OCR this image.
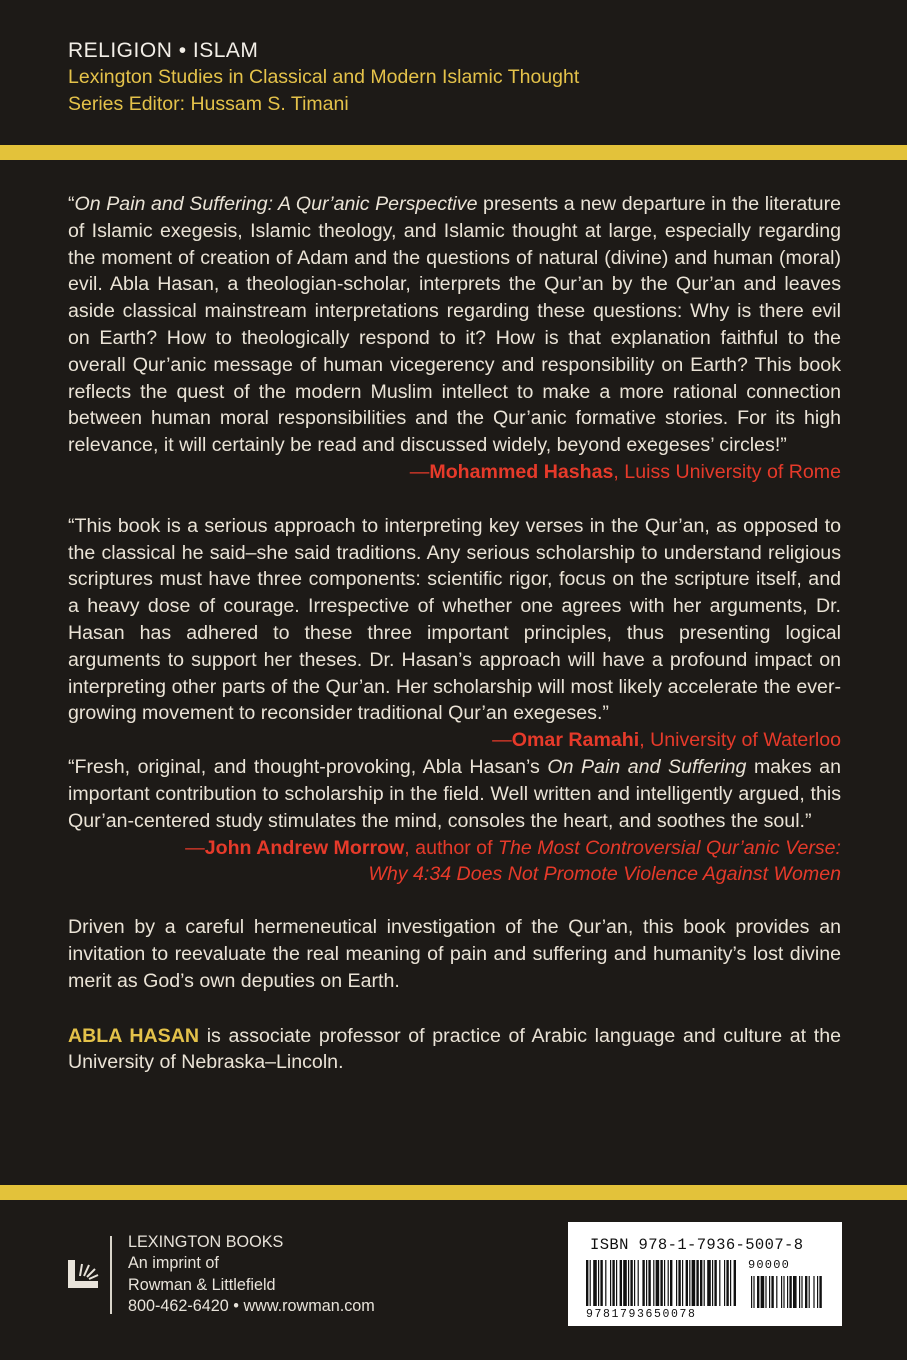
RELIGION • ISLAM
Lexington Studies in Classical and Modern Islamic Thought
Series Editor: Hussam S. Timani

“On Pain and Suffering: A Qur’anic Perspective presents a new departure in the literature of Islamic exegesis, Islamic theology, and Islamic thought at large, especially regarding the moment of creation of Adam and the questions of natural (divine) and human (moral) evil. Abla Hasan, a theologian-scholar, interprets the Qur’an by the Qur’an and leaves aside classical mainstream interpretations regarding these questions: Why is there evil on Earth? How to theologically respond to it? How is that explanation faithful to the overall Qur’anic message of human vicegerency and responsibility on Earth? This book reflects the quest of the modern Muslim intellect to make a more rational connection between human moral responsibilities and the Qur’anic formative stories. For its high relevance, it will certainly be read and discussed widely, beyond exegeses’ circles!”

—Mohammed Hashas, Luiss University of Rome

“This book is a serious approach to interpreting key verses in the Qur’an, as opposed to the classical he said–she said traditions. Any serious scholarship to understand religious scriptures must have three components: scientific rigor, focus on the scripture itself, and a heavy dose of courage. Irrespective of whether one agrees with her arguments, Dr. Hasan has adhered to these three important principles, thus presenting logical arguments to support her theses. Dr. Hasan’s approach will have a profound impact on interpreting other parts of the Qur’an. Her scholarship will most likely accelerate the ever-growing movement to reconsider traditional Qur’an exegeses.”
—Omar Ramahi, University of Waterloo

“Fresh, original, and thought-provoking, Abla Hasan’s On Pain and Suffering makes an important contribution to scholarship in the field. Well written and intelligently argued, this Qur’an-centered study stimulates the mind, consoles the heart, and soothes the soul.”

—John Andrew Morrow, author of The Most Controversial Qur’anic Verse:
Why 4:34 Does Not Promote Violence Against Women

Driven by a careful hermeneutical investigation of the Qur’an, this book provides an invitation to reevaluate the real meaning of pain and suffering and humanity’s lost divine merit as God’s own deputies on Earth.

ABLA HASAN is associate professor of practice of Arabic language and culture at the University of Nebraska–Lincoln.

LEXINGTON BOOKS
An imprint of
Rowman & Littlefield
800-462-6420 • www.rowman.com
ISBN 978-1-7936-5007-8
90000
9781793650078
